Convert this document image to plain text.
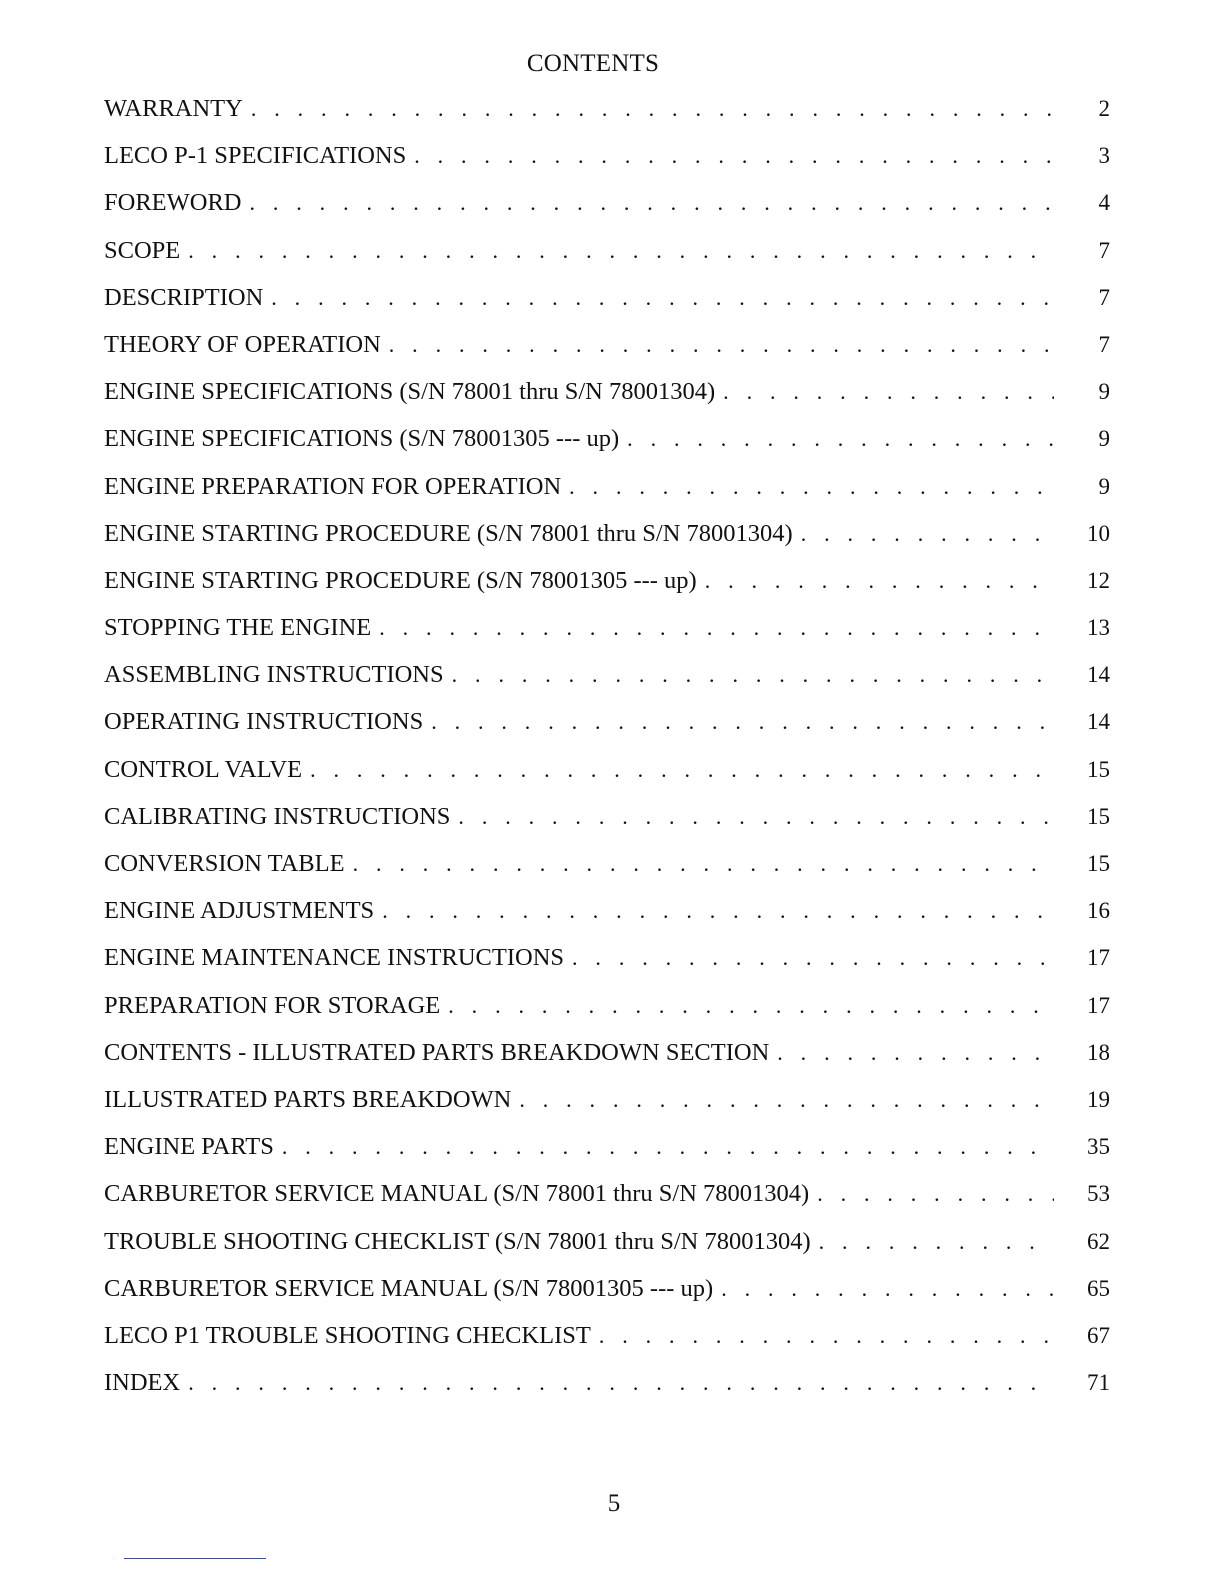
CONTENTS
WARRANTY . . .	2
LECO P-1 SPECIFICATIONS . . .	3
FOREWORD . . .	4
SCOPE . . .	7
DESCRIPTION . . .	7
THEORY OF OPERATION . . .	7
ENGINE SPECIFICATIONS (S/N 78001 thru S/N 78001304) . . .	9
ENGINE SPECIFICATIONS (S/N 78001305 --- up) . . .	9
ENGINE PREPARATION FOR OPERATION . . .	9
ENGINE STARTING PROCEDURE (S/N 78001 thru S/N 78001304) . . .	10
ENGINE STARTING PROCEDURE (S/N 78001305 --- up) . . .	12
STOPPING THE ENGINE . . .	13
ASSEMBLING INSTRUCTIONS . . .	14
OPERATING INSTRUCTIONS . . .	14
CONTROL VALVE . . .	15
CALIBRATING INSTRUCTIONS . . .	15
CONVERSION TABLE . . .	15
ENGINE ADJUSTMENTS . . .	16
ENGINE MAINTENANCE INSTRUCTIONS . . .	17
PREPARATION FOR STORAGE . . .	17
CONTENTS - ILLUSTRATED PARTS BREAKDOWN SECTION . . .	18
ILLUSTRATED PARTS BREAKDOWN . . .	19
ENGINE PARTS . . .	35
CARBURETOR SERVICE MANUAL (S/N 78001 thru S/N 78001304) . . .	53
TROUBLE SHOOTING CHECKLIST (S/N 78001 thru S/N 78001304) . . .	62
CARBURETOR SERVICE MANUAL (S/N 78001305 --- up) . . .	65
LECO P1 TROUBLE SHOOTING CHECKLIST . . .	67
INDEX . . .	71
5
